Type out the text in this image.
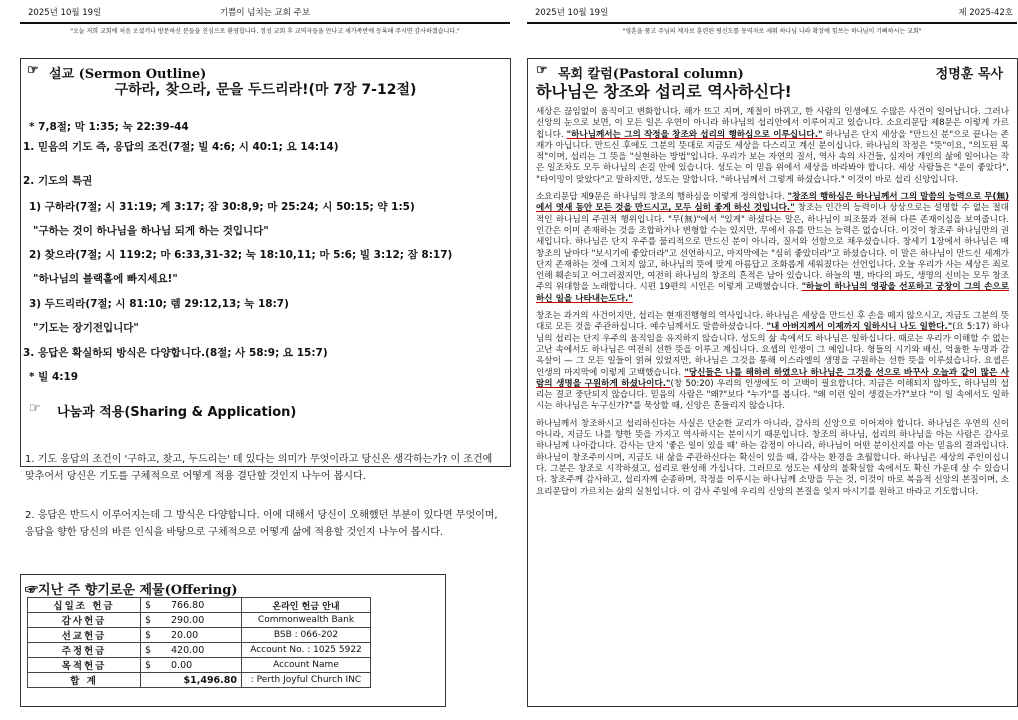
2025년 10월 19일	기쁨이 넘치는 교회 주보
"오늘 저희 교회에 처음 오셨거나 방문하신 분들을 진심으로 환영합니다. 정성 교회 후 교역자들을 만나고 새가족반에 등록해 주시면 감사하겠습니다."
☞ 설교 (Sermon Outline)
구하라, 찾으라, 문을 두드리라!(마 7장 7-12절)
* 7,8절; 막 1:35; 눅 22:39-44
1. 믿음의 기도 즉, 응답의 조건(7절; 빌 4:6; 시 40:1; 요 14:14)
2. 기도의 특권
1) 구하라(7절; 시 31:19; 계 3:17; 잠 30:8,9; 마 25:24; 시 50:15; 약 1:5)
"구하는 것이 하나님을 하나님 되게 하는 것입니다"
2) 찾으라(7절; 시 119:2; 마 6:33,31-32; 눅 18:10,11; 마 5:6; 빌 3:12; 잠 8:17)
"하나님의 블랙홀에 빠지세요!"
3) 두드리라(7절; 시 81:10; 렘 29:12,13; 눅 18:7)
"기도는 장기전입니다"
3. 응답은 확실하되 방식은 다양합니다.(8절; 사 58:9; 요 15:7)
* 빌 4:19
☞ 나눔과 적용(Sharing & Application)
1. 기도 응답의 조건이 '구하고, 찾고, 두드리는' 데 있다는 의미가 무엇이라고 당신은 생각하는가? 이 조건에 맞추어서 당신은 기도를 구체적으로 어떻게 적용 결단할 것인지 나누어 봅시다.
2. 응답은 반드시 이루어지는데 그 방식은 다양합니다. 이에 대해서 당신이 오해했던 부분이 있다면 무엇이며, 응답을 향한 당신의 바른 인식을 바탕으로 구체적으로 어떻게 삶에 적용할 것인지 나누어 봅시다.
☞지난 주 향기로운 제물(Offering)
십일조 헌금	$ 766.80	온라인 헌금 안내
감사헌금	$ 290.00	Commonwealth Bank
선교헌금	$ 20.00	BSB : 066-202
주정헌금	$ 420.00	Account No. : 1025 5922
목적헌금	$ 0.00	Account Name
합 계	$1,496.80	: Perth Joyful Church INC
2025년 10월 19일	제 2025-42호
"영혼을 품고 주님의 제자로 훈련된 평신도를 동역자로 세워 하나님 나라 확장에 힘쓰는 하나님이 기뻐하시는 교회"
☞ 목회 칼럼(Pastoral column)	정명훈 목사
하나님은 창조와 섭리로 역사하신다!

세상은 끊임없이 움직이고 변화합니다. 해가 뜨고 지며, 계절이 바뀌고, 한 사람의 인생에도 수많은 사건이 일어납니다. 그러나 신앙의 눈으로 보면, 이 모든 일은 우연이 아니라 하나님의 섭리안에서 이루어지고 있습니다. 소요리문답 제8문은 이렇게 가르칩니다. "하나님께서는 그의 작정을 창조와 섭리의 행하심으로 이루십니다." 하나님은 단지 세상을 "만드신 분"으로 끝나는 존재가 아닙니다. 만드신 후에도 그분의 뜻대로 지금도 세상을 다스리고 계신 분이십니다. 하나님의 작정은 "뜻"이요, "의도된 목적"이며, 섭리는 그 뜻을 "실현하는 방법"입니다. 우리가 보는 자연의 질서, 역사 속의 사건들, 심지어 개인의 삶에 일어나는 작은 일조차도 모두 하나님의 손길 안에 있습니다. 성도는 이 믿음 위에서 세상을 바라봐야 합니다. 세상 사람들은 "운이 좋았다", "타이밍이 맞았다"고 말하지만, 성도는 말합니다. "하나님께서 그렇게 하셨습니다." 이것이 바로 섭리 신앙입니다.

소요리문답 제9문은 하나님의 창조의 행하심을 이렇게 정의합니다. "창조의 행하심은 하나님께서 그의 말씀의 능력으로 무(無)에서 엿새 동안 모든 것을 만드시고, 모두 심히 좋게 하신 것입니다." 창조는 인간의 능력이나 상상으로는 설명할 수 없는 절대적인 하나님의 주권적 행위입니다. "무(無)"에서 "있게" 하셨다는 말은, 하나님이 피조물과 전혀 다른 존재이심을 보여줍니다. 인간은 이미 존재하는 것을 조합하거나 변형할 수는 있지만, 무에서 유를 만드는 능력은 없습니다. 이것이 창조주 하나님만의 권세입니다. 하나님은 단지 우주를 물리적으로 만드신 분이 아니라, 질서와 선함으로 채우셨습니다. 창세기 1장에서 하나님은 매 창조의 날마다 "보시기에 좋았더라"고 선언하시고, 마지막에는 "심히 좋았더라"고 하셨습니다. 이 말은 하나님이 만드신 세계가 단지 존재하는 것에 그치지 않고, 하나님의 뜻에 맞게 아름답고 조화롭게 세워졌다는 선언입니다. 오늘 우리가 사는 세상은 죄로 인해 훼손되고 어그러졌지만, 여전히 하나님의 창조의 흔적은 남아 있습니다. 하늘의 별, 바다의 파도, 생명의 신비는 모두 창조주의 위대함을 노래합니다. 시편 19편의 시인은 이렇게 고백했습니다. "하늘이 하나님의 영광을 선포하고 궁창이 그의 손으로 하신 일을 나타내는도다."

창조는 과거의 사건이지만, 섭리는 현재진행형의 역사입니다. 하나님은 세상을 만드신 후 손을 떼지 않으시고, 지금도 그분의 뜻대로 모든 것을 주관하십니다. 예수님께서도 말씀하셨습니다. "내 아버지께서 이제까지 일하시니 나도 일한다."(요 5:17) 하나님의 섭리는 단지 우주의 움직임을 유지하지 않습니다. 성도의 삶 속에서도 하나님은 일하십니다. 때로는 우리가 이해할 수 없는 고난 속에서도 하나님은 여전히 선한 뜻을 이루고 계십니다. 요셉의 인생이 그 예입니다. 형들의 시기와 배신, 억울한 누명과 감옥살이 — 그 모든 일들이 얽혀 있었지만, 하나님은 그것을 통해 이스라엘의 생명을 구원하는 선한 뜻을 이루셨습니다. 요셉은 인생의 마지막에 이렇게 고백했습니다. "당신들은 나를 해하려 하였으나 하나님은 그것을 선으로 바꾸사 오늘과 같이 많은 사람의 생명을 구원하게 하셨나이다."(창 50:20) 우리의 인생에도 이 고백이 필요합니다. 지금은 이해되지 않아도, 하나님의 섭리는 결코 중단되지 않습니다. 믿음의 사람은 "왜?"보다 "누가"를 봅니다. "왜 이런 일이 생겼는가?"보다 "이 일 속에서도 일하시는 하나님은 누구신가?"를 묵상할 때, 신앙은 흔들리지 않습니다.

하나님께서 창조하시고 섭리하신다는 사실은 단순한 교리가 아니라, 감사의 신앙으로 이어져야 합니다. 하나님은 우연의 신이 아니라, 지금도 나를 향한 뜻을 가지고 역사하시는 분이시기 때문입니다. 창조의 하나님, 섭리의 하나님을 아는 사람은 감사로 하나님께 나아갑니다. 감사는 단지 '좋은 일이 있을 때' 하는 감정이 아니라, 하나님이 어떤 분이신지를 아는 믿음의 결과입니다. 하나님이 창조주이시며, 지금도 내 삶을 주관하신다는 확신이 있을 때, 감사는 환경을 초월합니다. 하나님은 세상의 주인이십니다. 그분은 창조로 시작하셨고, 섭리로 완성해 가십니다. 그러므로 성도는 세상의 불확실함 속에서도 확신 가운데 살 수 있습니다. 창조주께 감사하고, 섭리자께 순종하며, 작정을 이루시는 하나님께 소망을 두는 것, 이것이 바로 복음적 신앙의 본질이며, 소요리문답이 가르치는 삶의 실천입니다. 이 감사 주일에 우리의 신앙의 본질을 잊지 마시기를 원하고 바라고 기도합니다.
